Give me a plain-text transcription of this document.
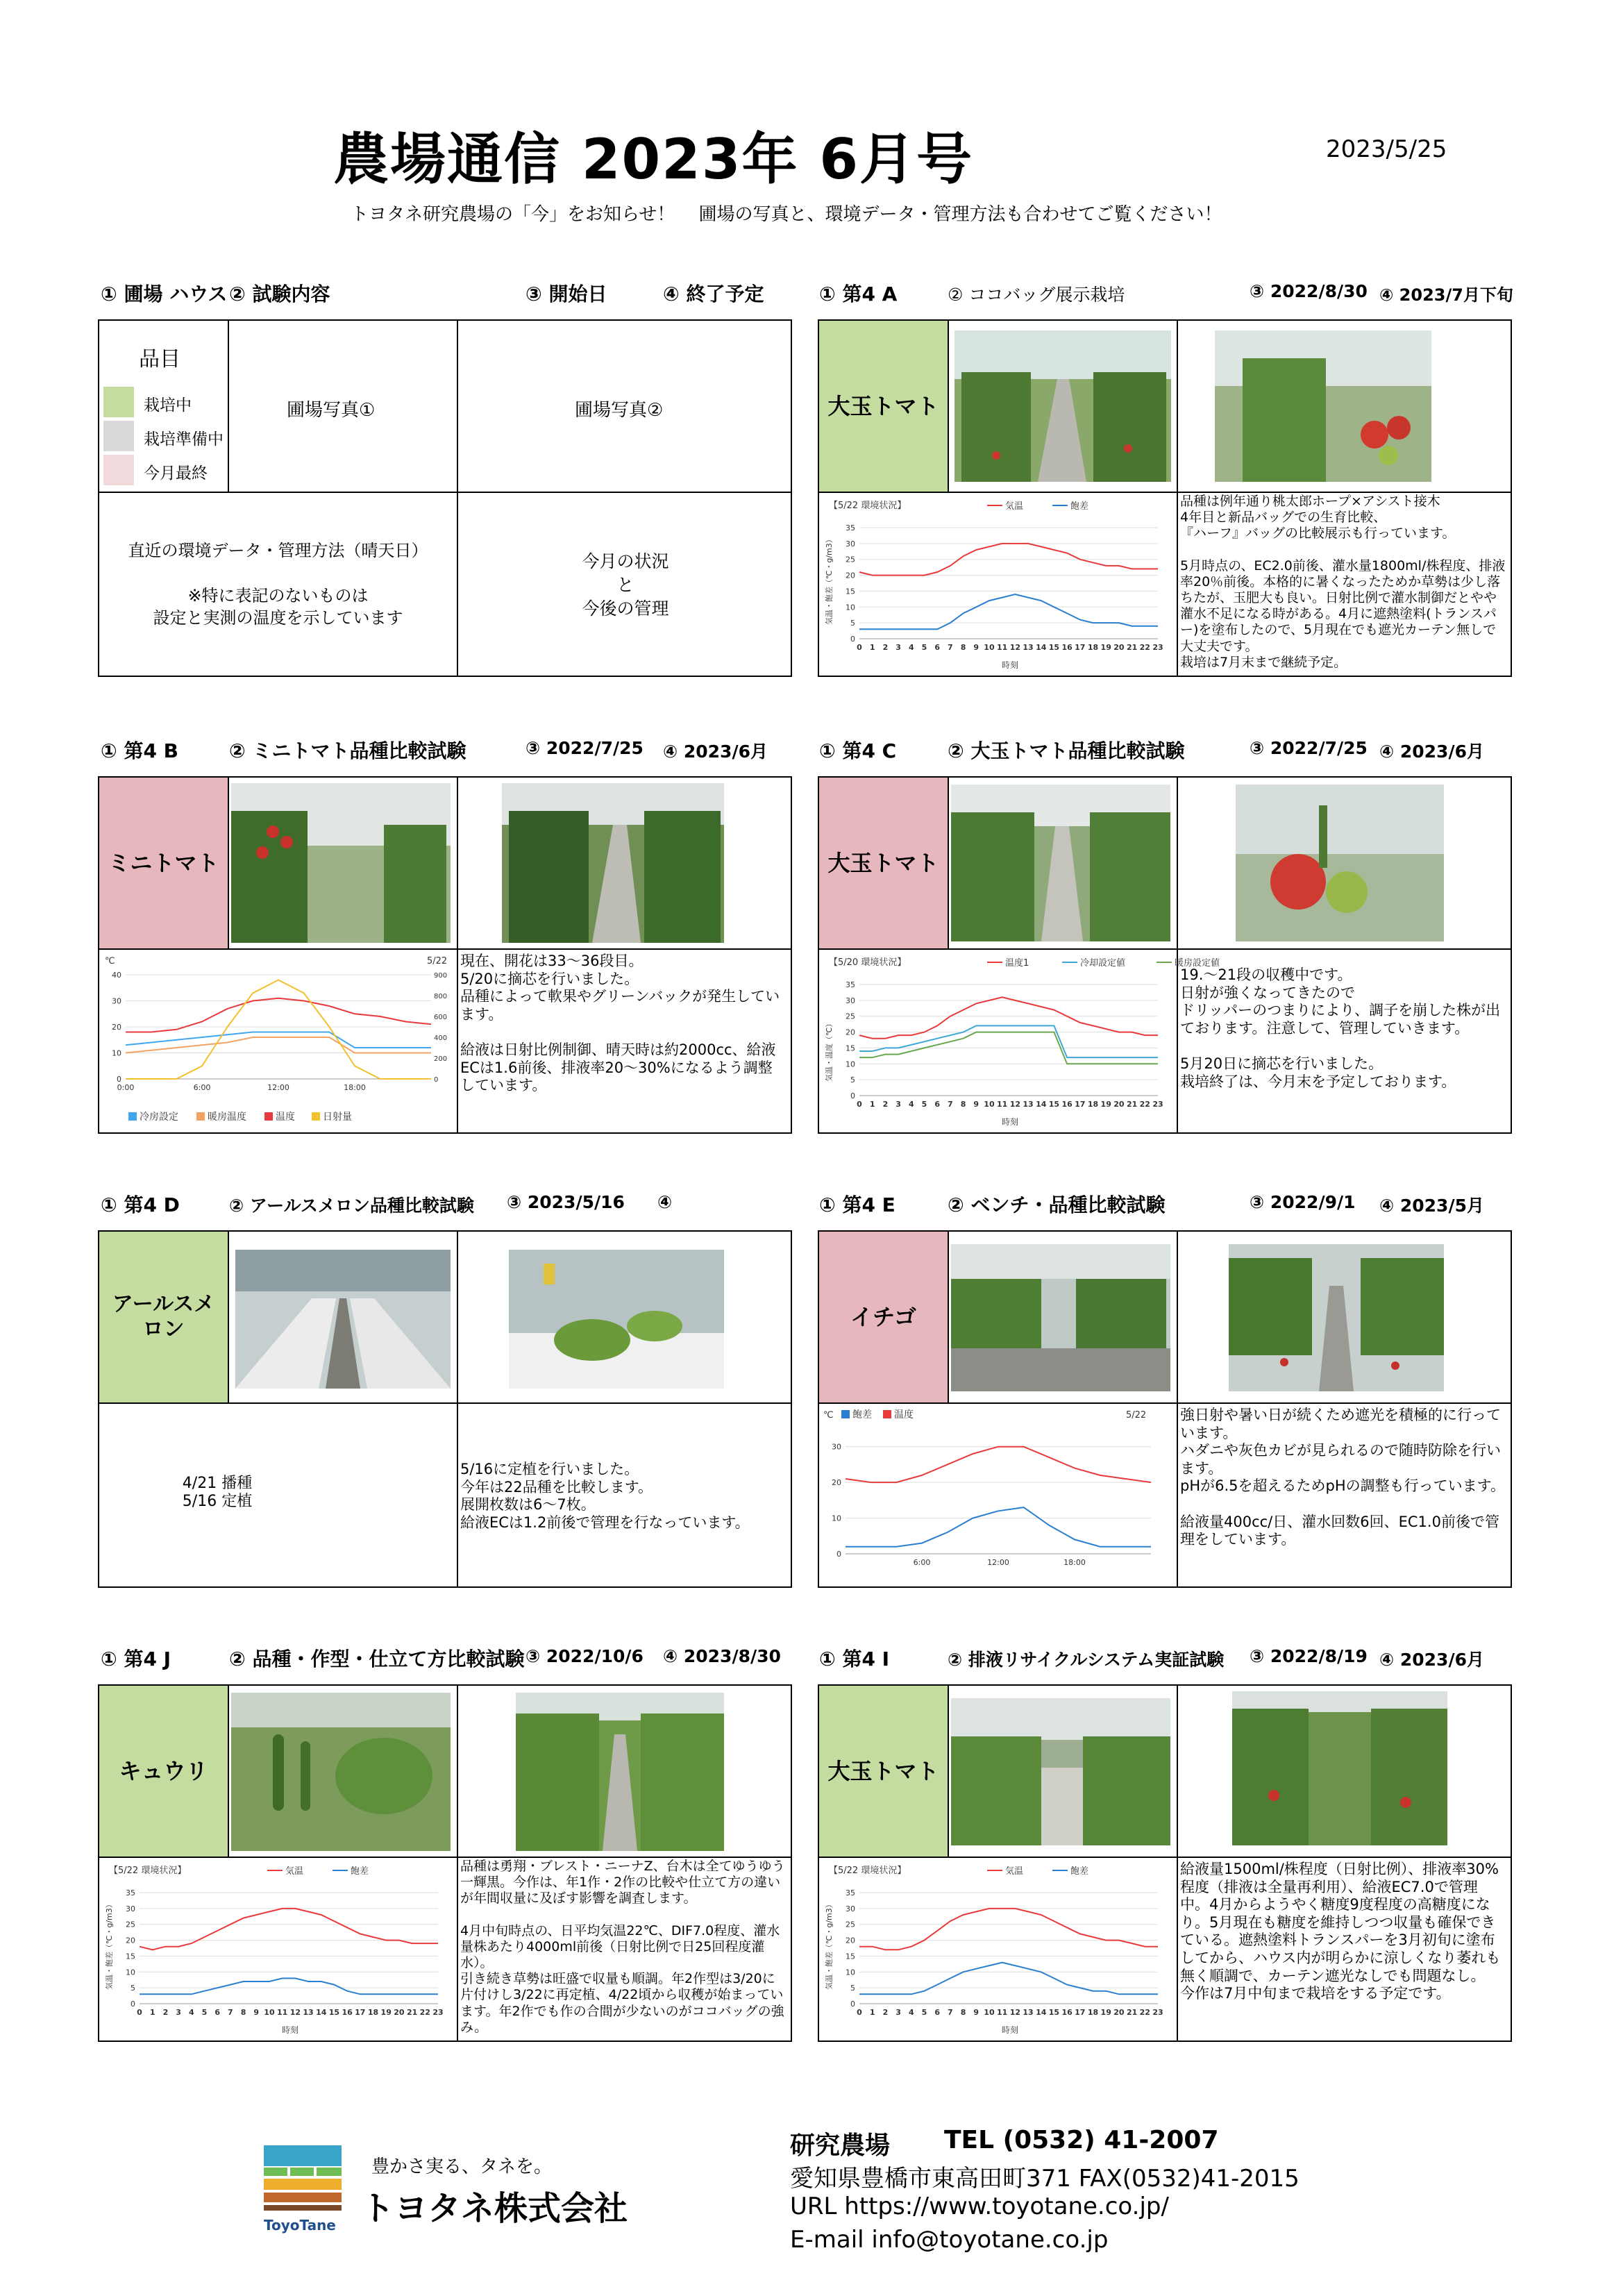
農場通信 2023年 6月号	2023/5/25
トヨタネ研究農場の「今」をお知らせ！　 圃場の写真と、環境データ・管理方法も合わせてご覧ください！
① 圃場 ハウス ② 試験内容	③ 開始日	④ 終了予定
品目
栽培中
栽培準備中
今月最終
圃場写真①	圃場写真②
直近の環境データ・管理方法（晴天日）

※特に表記のないものは
設定と実測の温度を示しています
今月の状況
と
今後の管理
① 第4 A	② ココバッグ展示栽培	③ 2022/8/30 ④ 2023/7月下旬
大玉トマト
【5/22 環境状況】	気温	飽差
気温・飽差（℃・g/m3）
時刻
0
5
10
15
20
25
30
35
0 1 2 3 4 5 6 7 8 9 10 11 12 13 14 15 16 17 18 19 20 21 22 23
品種は例年通り桃太郎ホープ×アシスト接木
4年目と新品バッグでの生育比較、
『ハーフ』バッグの比較展示も行っています。

5月時点の、EC2.0前後、灌水量1800ml/株程度、排液率20％前後。本格的に暑くなったためか草勢は少し落ちたが、玉肥大も良い。日射比例で灌水制御だとやや灌水不足になる時がある。4月に遮熱塗料(トランスパー)を塗布したので、5月現在でも遮光カーテン無しで大丈夫です。
栽培は7月末まで継続予定。
① 第4 B	② ミニトマト品種比較試験	③ 2022/7/25 ④ 2023/6月
ミニトマト
℃	5/22
冷房設定	暖房温度	温度	日射量
0
10
20
30
40
0
200
400
600
800
900
0:00	6:00	12:00	18:00
現在、開花は33～36段目。
5/20に摘芯を行いました。
品種によって軟果やグリーンバックが発生しています。

給液は日射比例制御、晴天時は約2000cc、給液ECは1.6前後、排液率20～30%になるよう調整しています。
① 第4 C	② 大玉トマト品種比較試験	③ 2022/7/25 ④ 2023/6月
大玉トマト
【5/20 環境状況】	温度1	冷却設定値	暖房設定値
気温・温度（℃）
時刻
0
5
10
15
20
25
30
35
0 1 2 3 4 5 6 7 8 9 10 11 12 13 14 15 16 17 18 19 20 21 22 23
19.～21段の収穫中です。
日射が強くなってきたので
ドリッパーのつまりにより、調子を崩した株が出ております。注意して、管理していきます。

5月20日に摘芯を行いました。
栽培終了は、今月末を予定しております。
① 第4 D	② アールスメロン品種比較試験 ③ 2023/5/16 ④
アールスメロン
4/21 播種
5/16 定植
5/16に定植を行いました。
今年は22品種を比較します。
展開枚数は6～7枚。
給液ECは1.2前後で管理を行なっています。
① 第4 E	② ベンチ・品種比較試験	③ 2022/9/1 ④ 2023/5月
イチゴ
℃ 飽差 温度	5/22
0
10
20
30
6:00	12:00	18:00
強日射や暑い日が続くため遮光を積極的に行っています。
ハダニや灰色カビが見られるので随時防除を行います。
pHが6.5を超えるためpHの調整も行っています。

給液量400cc/日、灌水回数6回、EC1.0前後で管理をしています。
① 第4 J	② 品種・作型・仕立て方比較試験 ③ 2022/10/6 ④ 2023/8/30
キュウリ
【5/22 環境状況】	気温	飽差
気温・飽差（℃・g/m3）
時刻
0
5
10
15
20
25
30
35
0 1 2 3 4 5 6 7 8 9 10 11 12 13 14 15 16 17 18 19 20 21 22 23
品種は勇翔・ブレスト・ニーナZ、台木は全てゆうゆう一輝黒。今作は、年1作・2作の比較や仕立て方の違いが年間収量に及ぼす影響を調査します。

4月中旬時点の、日平均気温22℃、DIF7.0程度、灌水量株あたり4000ml前後（日射比例で日25回程度灌水）。
引き続き草勢は旺盛で収量も順調。年2作型は3/20に片付けし3/22に再定植、4/22頃から収穫が始まっています。年2作でも作の合間が少ないのがココバッグの強み。
① 第4 I	② 排液リサイクルシステム実証試験 ③ 2022/8/19 ④ 2023/6月
大玉トマト
【5/22 環境状況】	気温	飽差
気温・飽差（℃・g/m3）
時刻
0
5
10
15
20
25
30
35
0 1 2 3 4 5 6 7 8 9 10 11 12 13 14 15 16 17 18 19 20 21 22 23
給液量1500ml/株程度（日射比例）、排液率30%程度（排液は全量再利用）、給液EC7.0で管理中。4月からようやく糖度9度程度の高糖度になり。5月現在も糖度を維持しつつ収量も確保できている。遮熱塗料トランスパーを3月初旬に塗布してから、ハウス内が明らかに涼しくなり萎れも無く順調で、カーテン遮光なしでも問題なし。
今作は7月中旬まで栽培をする予定です。
ToyoTane
豊かさ実る、タネを。
トヨタネ株式会社
研究農場 TEL (0532) 41-2007
愛知県豊橋市東高田町371 FAX(0532)41-2015
URL https://www.toyotane.co.jp/
E-mail info@toyotane.co.jp
